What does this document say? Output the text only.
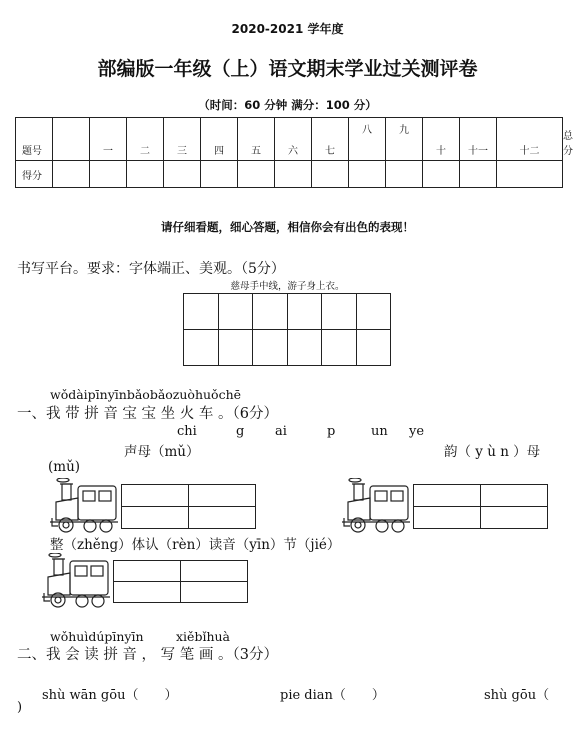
2020-2021 学年度
部编版一年级（上）语文期末学业过关测评卷
（时间：60 分钟 满分：100 分）
题号		一	二	三	四	五	六	七	八	九	十	十一	十二	总分
得分														
请仔细看题，细心答题，相信你会有出色的表现！
书写平台。要求：字体端正、美观。（5分）
慈母手中线，游子身上衣。
wǒdàipīnyīnbǎobǎozuòhuǒchē
一、我 带 拼 音 宝 宝 坐 火 车 。（6分）
chi	g ai	p	un ye
声母（mǔ）	韵（ y ù n ）母
(mǔ)
整（zhěng）体认（rèn）读音（yīn）节（jié）
wǒhuìdúpīnyīn	xiěbǐhuà
二、我 会 读 拼 音 ， 写 笔 画 。（3分）
shù wān gōu（　　）	pie dian（　　）	shù gōu（
)
